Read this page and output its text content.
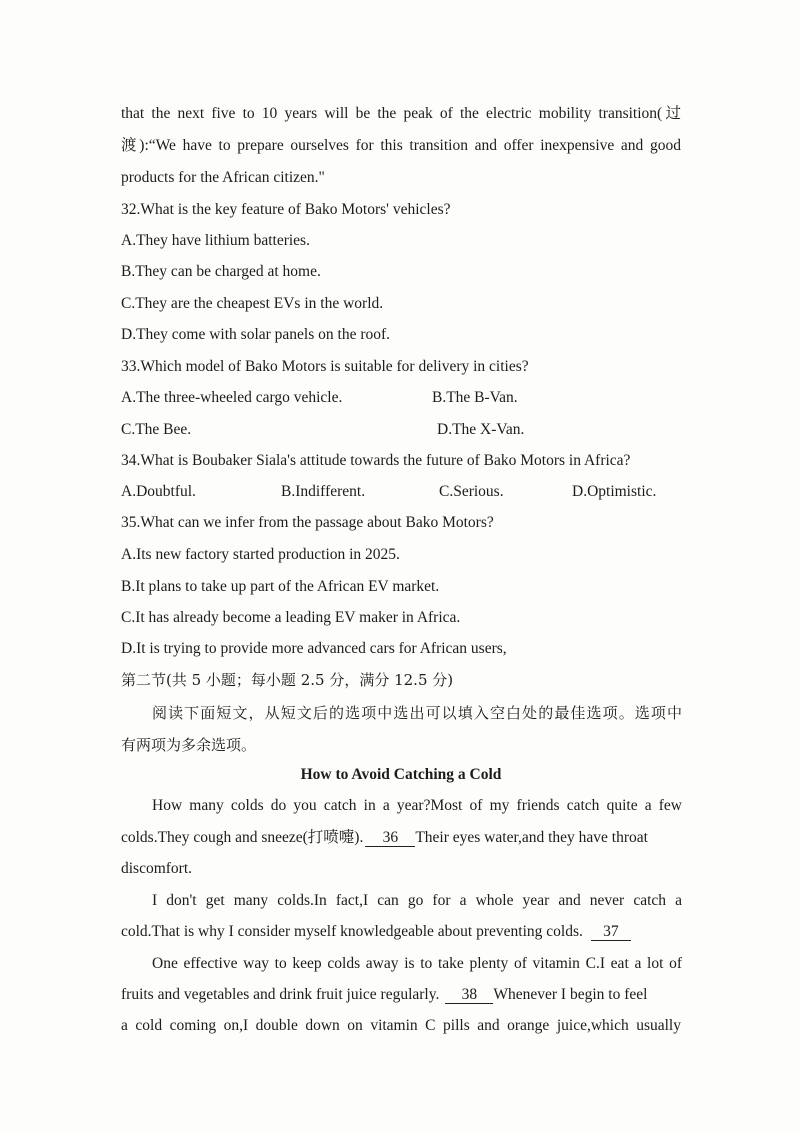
that the next five to 10 years will be the peak of the electric mobility transition(过
渡):“We have to prepare ourselves for this transition and offer inexpensive and good
products for the African citizen."
32.What is the key feature of Bako Motors' vehicles?
A.They have lithium batteries.
B.They can be charged at home.
C.They are the cheapest EVs in the world.
D.They come with solar panels on the roof.
33.Which model of Bako Motors is suitable for delivery in cities?
A.The three-wheeled cargo vehicle.	B.The B-Van.
C.The Bee.	D.The X-Van.
34.What is Boubaker Siala's attitude towards the future of Bako Motors in Africa?
A.Doubtful.	B.Indifferent.	C.Serious.	D.Optimistic.
35.What can we infer from the passage about Bako Motors?
A.Its new factory started production in 2025.
B.It plans to take up part of the African EV market.
C.It has already become a leading EV maker in Africa.
D.It is trying to provide more advanced cars for African users,
第二节(共 5 小题；每小题 2.5 分，满分 12.5 分)
阅读下面短文，从短文后的选项中选出可以填入空白处的最佳选项。选项中
有两项为多余选项。
How to Avoid Catching a Cold
How many colds do you catch in a year?Most of my friends catch quite a few
colds.They cough and sneeze(打喷嚏). 36 Their eyes water,and they have throat
discomfort.
I don't get many colds.In fact,I can go for a whole year and never catch a
cold.That is why I consider myself knowledgeable about preventing colds. 37
One effective way to keep colds away is to take plenty of vitamin C.I eat a lot of
fruits and vegetables and drink fruit juice regularly. 38 Whenever I begin to feel
a cold coming on,I double down on vitamin C pills and orange juice,which usually
